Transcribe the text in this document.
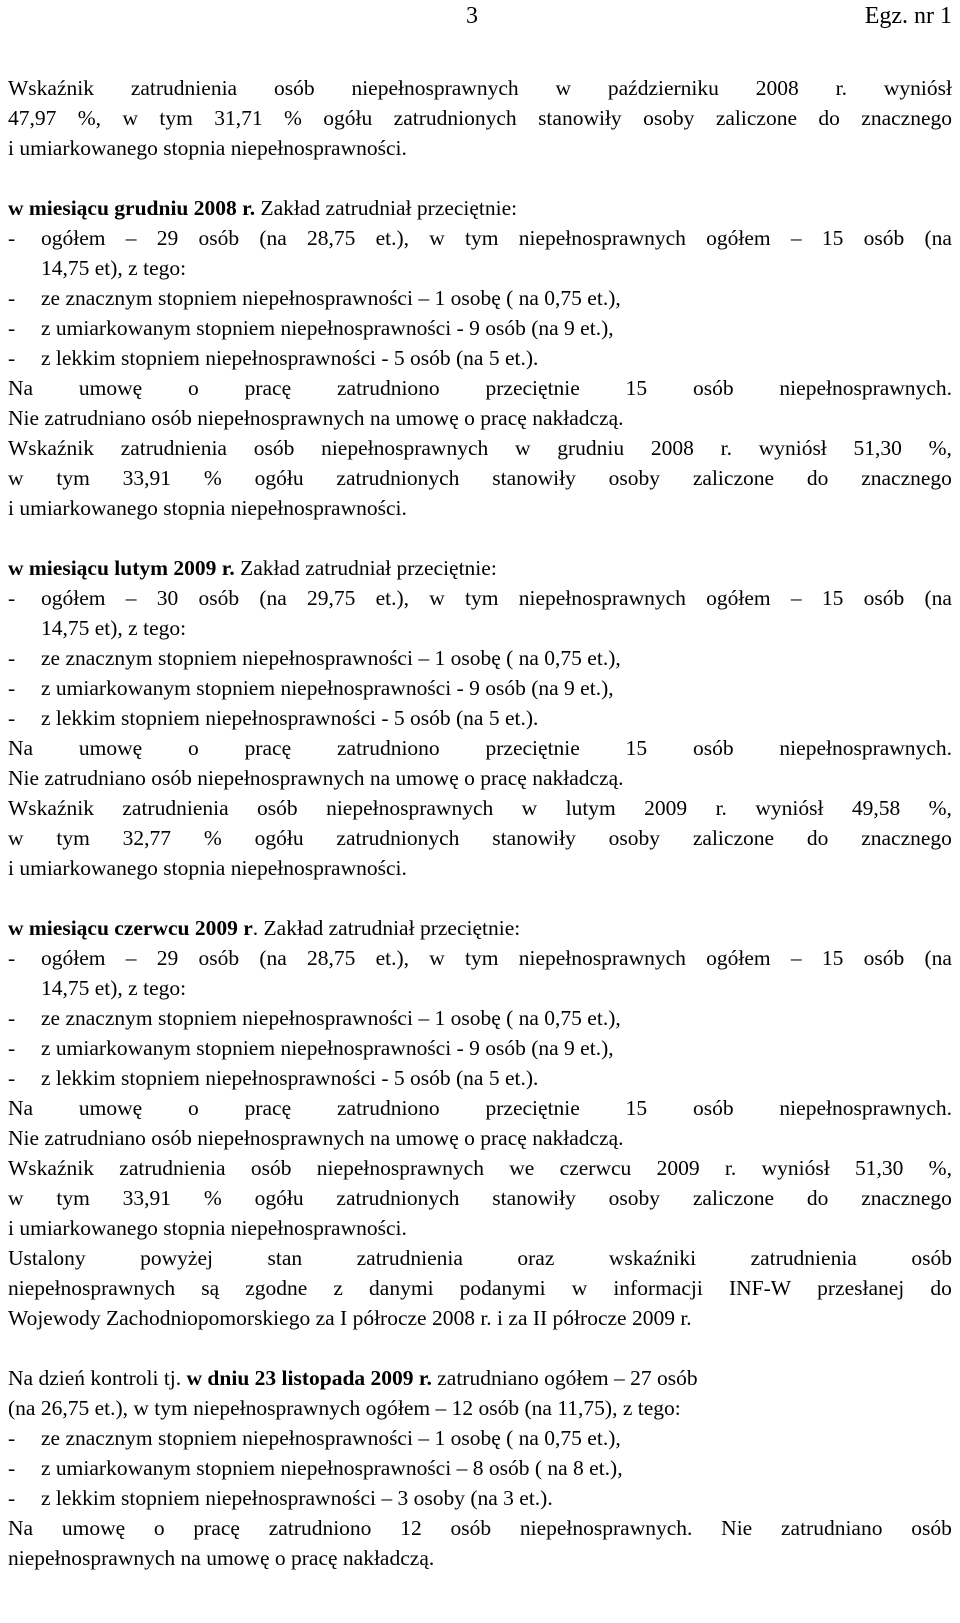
3	Egz. nr 1
Wskaźnik zatrudnienia osób niepełnosprawnych w październiku 2008 r. wyniósł
47,97 %, w tym 31,71 % ogółu zatrudnionych stanowiły osoby zaliczone do znacznego
i umiarkowanego stopnia niepełnosprawności.
w miesiącu grudniu 2008 r. Zakład zatrudniał przeciętnie:
-	ogółem – 29 osób (na 28,75 et.), w tym niepełnosprawnych ogółem – 15 osób (na
14,75 et), z tego:
-	ze znacznym stopniem niepełnosprawności – 1 osobę ( na 0,75 et.),
-	z umiarkowanym stopniem niepełnosprawności - 9 osób (na 9 et.),
-	z lekkim stopniem niepełnosprawności - 5 osób (na 5 et.).
Na umowę o pracę zatrudniono przeciętnie 15 osób niepełnosprawnych.
Nie zatrudniano osób niepełnosprawnych na umowę o pracę nakładczą.
Wskaźnik zatrudnienia osób niepełnosprawnych w grudniu 2008 r. wyniósł 51,30 %,
w tym 33,91 % ogółu zatrudnionych stanowiły osoby zaliczone do znacznego
i umiarkowanego stopnia niepełnosprawności.
w miesiącu lutym 2009 r. Zakład zatrudniał przeciętnie:
-	ogółem – 30 osób (na 29,75 et.), w tym niepełnosprawnych ogółem – 15 osób (na
14,75 et), z tego:
-	ze znacznym stopniem niepełnosprawności – 1 osobę ( na 0,75 et.),
-	z umiarkowanym stopniem niepełnosprawności - 9 osób (na 9 et.),
-	z lekkim stopniem niepełnosprawności - 5 osób (na 5 et.).
Na umowę o pracę zatrudniono przeciętnie 15 osób niepełnosprawnych.
Nie zatrudniano osób niepełnosprawnych na umowę o pracę nakładczą.
Wskaźnik zatrudnienia osób niepełnosprawnych w lutym 2009 r. wyniósł 49,58 %,
w tym 32,77 % ogółu zatrudnionych stanowiły osoby zaliczone do znacznego
i umiarkowanego stopnia niepełnosprawności.
w miesiącu czerwcu 2009 r. Zakład zatrudniał przeciętnie:
-	ogółem – 29 osób (na 28,75 et.), w tym niepełnosprawnych ogółem – 15 osób (na
14,75 et), z tego:
-	ze znacznym stopniem niepełnosprawności – 1 osobę ( na 0,75 et.),
-	z umiarkowanym stopniem niepełnosprawności - 9 osób (na 9 et.),
-	z lekkim stopniem niepełnosprawności - 5 osób (na 5 et.).
Na umowę o pracę zatrudniono przeciętnie 15 osób niepełnosprawnych.
Nie zatrudniano osób niepełnosprawnych na umowę o pracę nakładczą.
Wskaźnik zatrudnienia osób niepełnosprawnych we czerwcu 2009 r. wyniósł 51,30 %,
w tym 33,91 % ogółu zatrudnionych stanowiły osoby zaliczone do znacznego
i umiarkowanego stopnia niepełnosprawności.
Ustalony	powyżej	stan	zatrudnienia	oraz	wskaźniki	zatrudnienia	osób
niepełnosprawnych są zgodne z danymi podanymi w informacji INF-W przesłanej do
Wojewody Zachodniopomorskiego za I półrocze 2008 r. i za II półrocze 2009 r.
Na dzień kontroli tj. w dniu 23 listopada 2009 r. zatrudniano ogółem – 27 osób
(na 26,75 et.), w tym niepełnosprawnych ogółem – 12 osób (na 11,75), z tego:
-	ze znacznym stopniem niepełnosprawności – 1 osobę ( na 0,75 et.),
-	z umiarkowanym stopniem niepełnosprawności – 8 osób ( na 8 et.),
-	z lekkim stopniem niepełnosprawności – 3 osoby (na 3 et.).
Na umowę o pracę zatrudniono 12 osób niepełnosprawnych. Nie zatrudniano osób
niepełnosprawnych na umowę o pracę nakładczą.
